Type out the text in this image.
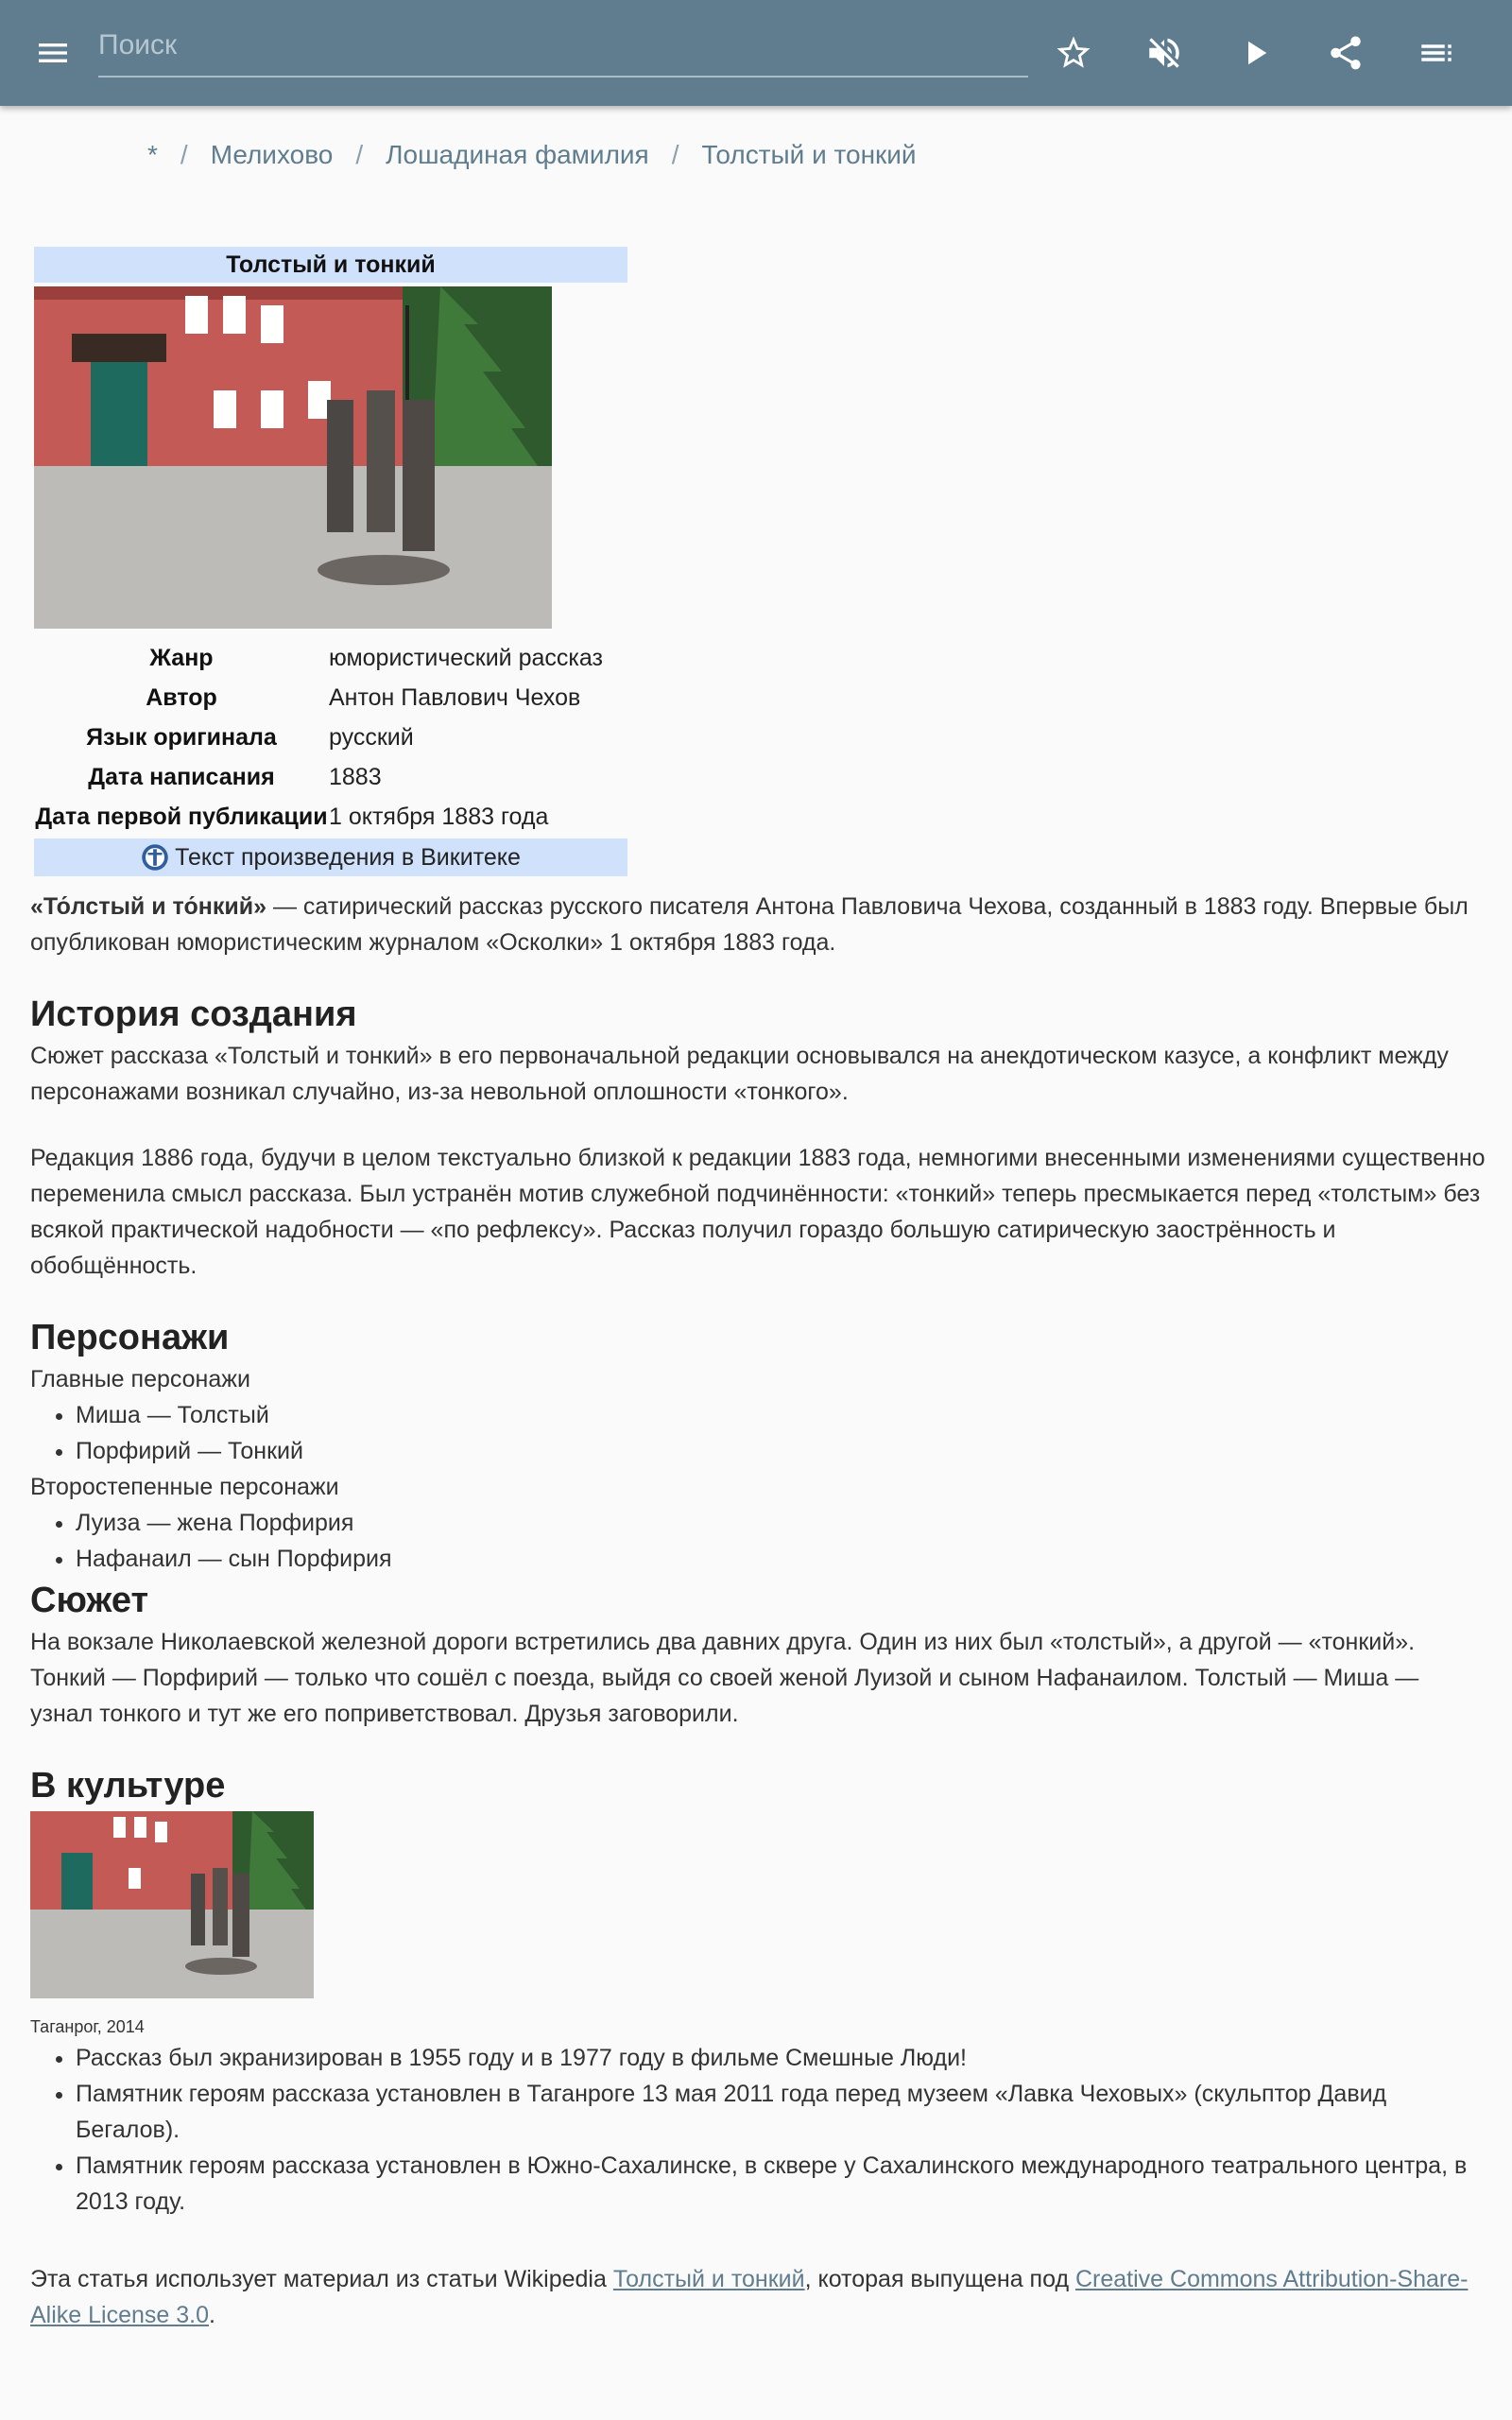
Поиск
* / Мелихово / Лошадиная фамилия / Толстый и тонкий
Толстый и тонкий
Жанр	юмористический рассказ
Автор	Антон Павлович Чехов
Язык оригинала	русский
Дата написания	1883
Дата первой публикации 1 октября 1883 года
Текст произведения в Викитеке

«То́лстый и то́нкий» — сатирический рассказ русского писателя Антона Павловича Чехова, созданный в 1883 году. Впервые был опубликован юмористическим журналом «Осколки» 1 октября 1883 года.

История создания

Сюжет рассказа «Толстый и тонкий» в его первоначальной редакции основывался на анекдотическом казусе, а конфликт между персонажами возникал случайно, из-за невольной оплошности «тонкого».

Редакция 1886 года, будучи в целом текстуально близкой к редакции 1883 года, немногими внесенными изменениями существенно переменила смысл рассказа. Был устранён мотив служебной подчинённости: «тонкий» теперь пресмыкается перед «толстым» без всякой практической надобности — «по рефлексу». Рассказ получил гораздо большую сатирическую заострённость и обобщённость.

Персонажи
Главные персонажи
• Миша — Толстый
• Порфирий — Тонкий
Второстепенные персонажи
• Луиза — жена Порфирия
• Нафанаил — сын Порфирия
Сюжет

На вокзале Николаевской железной дороги встретились два давних друга. Один из них был «толстый», а другой — «тонкий». Тонкий — Порфирий — только что сошёл с поезда, выйдя со своей женой Луизой и сыном Нафанаилом. Толстый — Миша — узнал тонкого и тут же его поприветствовал. Друзья заговорили.

В культуре
Таганрог, 2014
• Рассказ был экранизирован в 1955 году и в 1977 году в фильме Смешные Люди!
• Памятник героям рассказа установлен в Таганроге 13 мая 2011 года перед музеем «Лавка Чеховых» (скульптор Давид Бегалов).
• Памятник героям рассказа установлен в Южно-Сахалинске, в сквере у Сахалинского международного театрального центра, в 2013 году.

Эта статья использует материал из статьи Wikipedia Толстый и тонкий, которая выпущена под Creative Commons Attribution-Share-Alike License 3.0.
